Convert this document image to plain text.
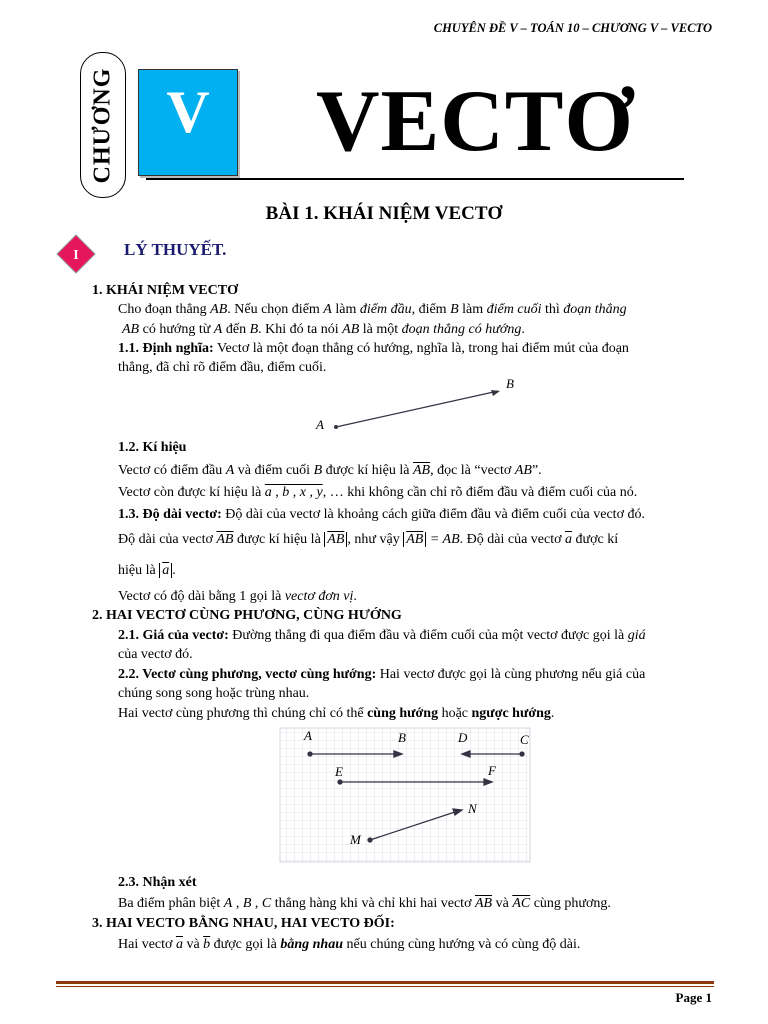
CHUYÊN ĐỀ V – TOÁN 10 – CHƯƠNG V – VECTO
CHƯƠNG V VECTƠ
BÀI 1. KHÁI NIỆM VECTƠ
I	LÝ THUYẾT.
1. KHÁI NIỆM VECTƠ
Cho đoạn thẳng AB. Nếu chọn điểm A làm điểm đầu, điểm B làm điểm cuối thì đoạn thẳng
AB có hướng từ A đến B. Khi đó ta nói AB là một đoạn thẳng có hướng.
1.1. Định nghĩa: Vectơ là một đoạn thẳng có hướng, nghĩa là, trong hai điểm mút của đoạn
thẳng, đã chỉ rõ điểm đầu, điểm cuối.
A
B
1.2. Kí hiệu
Vectơ có điểm đầu A và điểm cuối B được kí hiệu là $\overline{AB}$, đọc là “vectơ AB”.
Vectơ còn được kí hiệu là a , b , x , y, … khi không cần chỉ rõ điểm đầu và điểm cuối của nó.
1.3. Độ dài vectơ: Độ dài của vectơ là khoảng cách giữa điểm đầu và điểm cuối của vectơ đó.
Độ dài của vectơ $\overline{AB}$ được kí hiệu là $\overline{AB}$ , như vậy $\overline{AB}$ = AB. Độ dài của vectơ $\overline{a}$ được kí
hiệu là $\overline{a}$ .
Vectơ có độ dài bằng 1 gọi là vectơ đơn vị.
2. HAI VECTƠ CÙNG PHƯƠNG, CÙNG HƯỚNG
2.1. Giá của vectơ: Đường thẳng đi qua điểm đầu và điểm cuối của một vectơ được gọi là giá
của vectơ đó.
2.2. Vectơ cùng phương, vectơ cùng hướng: Hai vectơ được gọi là cùng phương nếu giá của
chúng song song hoặc trùng nhau.
Hai vectơ cùng phương thì chúng chỉ có thể cùng hướng hoặc ngược hướng.
A	B	D	C
E	F
N
M
2.3. Nhận xét
Ba điểm phân biệt A , B , C thẳng hàng khi và chỉ khi hai vectơ $\overline{AB}$ và $\overline{AC}$ cùng phương.
3. HAI VECTO BẰNG NHAU, HAI VECTO ĐỐI:
Hai vectơ $\overline{a}$ và $\overline{b}$ được gọi là bằng nhau nếu chúng cùng hướng và có cùng độ dài.
Page 1
